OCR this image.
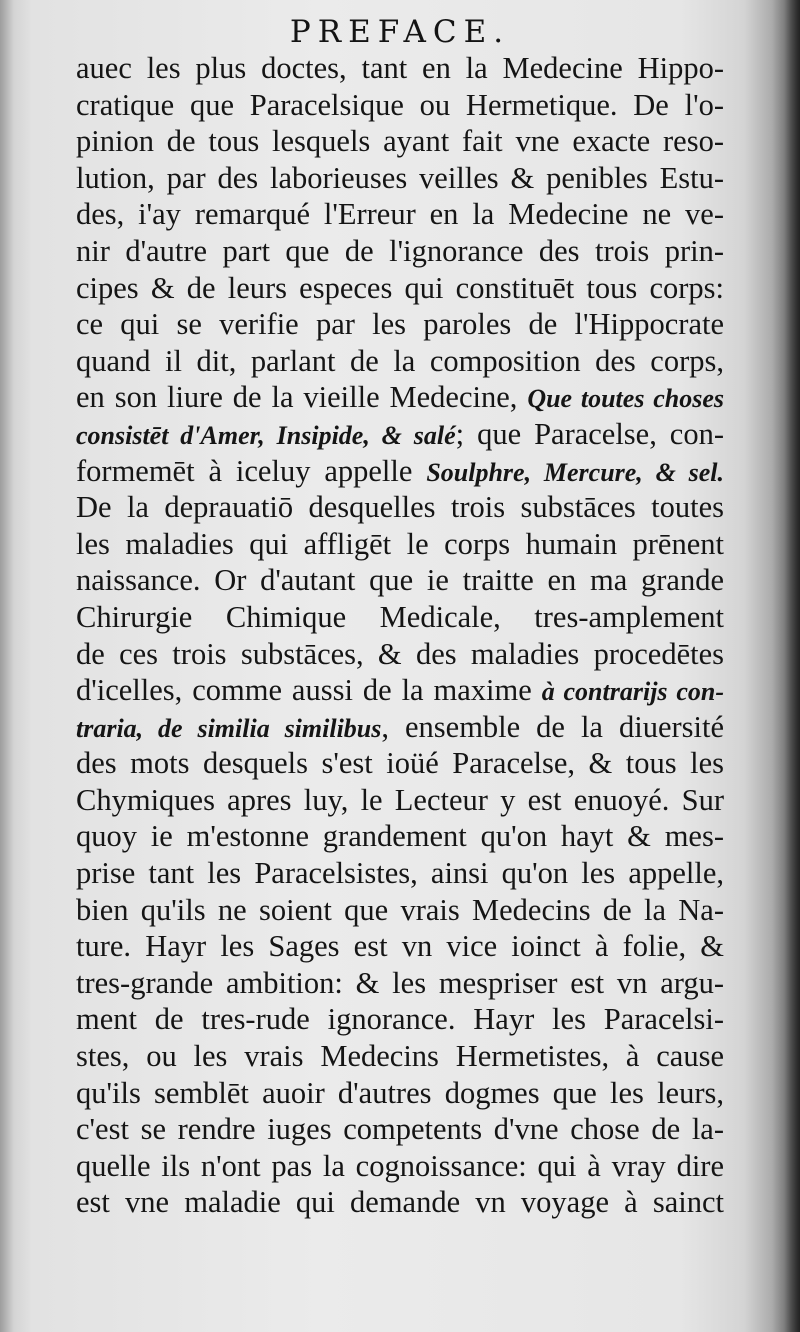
PREFACE.
auec les plus doctes, tant en la Medecine Hippo-
cratique que Paracelsique ou Hermetique. De l'o-
pinion de tous lesquels ayant fait vne exacte reso-
lution, par des laborieuses veilles & penibles Estu-
des, i'ay remarqué l'Erreur en la Medecine ne ve-
nir d'autre part que de l'ignorance des trois prin-
cipes & de leurs especes qui constituēt tous corps:
ce qui se verifie par les paroles de l'Hippocrate
quand il dit, parlant de la composition des corps,
en son liure de la vieille Medecine, Que toutes choses
consistēt d'Amer, Insipide, & salé; que Paracelse, con-
formemēt à iceluy appelle Soulphre, Mercure, & sel.
De la deprauatiō desquelles trois substāces toutes
les maladies qui affligēt le corps humain prēnent
naissance. Or d'autant que ie traitte en ma grande
Chirurgie Chimique Medicale, tres-amplement
de ces trois substāces, & des maladies procedētes
d'icelles, comme aussi de la maxime à contrarijs con-
traria, de similia similibus, ensemble de la diuersité
des mots desquels s'est ioüé Paracelse, & tous les
Chymiques apres luy, le Lecteur y est enuoyé. Sur
quoy ie m'estonne grandement qu'on hayt & mes-
prise tant les Paracelsistes, ainsi qu'on les appelle,
bien qu'ils ne soient que vrais Medecins de la Na-
ture. Hayr les Sages est vn vice ioinct à folie, &
tres-grande ambition: & les mespriser est vn argu-
ment de tres-rude ignorance. Hayr les Paracelsi-
stes, ou les vrais Medecins Hermetistes, à cause
qu'ils semblēt auoir d'autres dogmes que les leurs,
c'est se rendre iuges competents d'vne chose de la-
quelle ils n'ont pas la cognoissance: qui à vray dire
est vne maladie qui demande vn voyage à sainct
